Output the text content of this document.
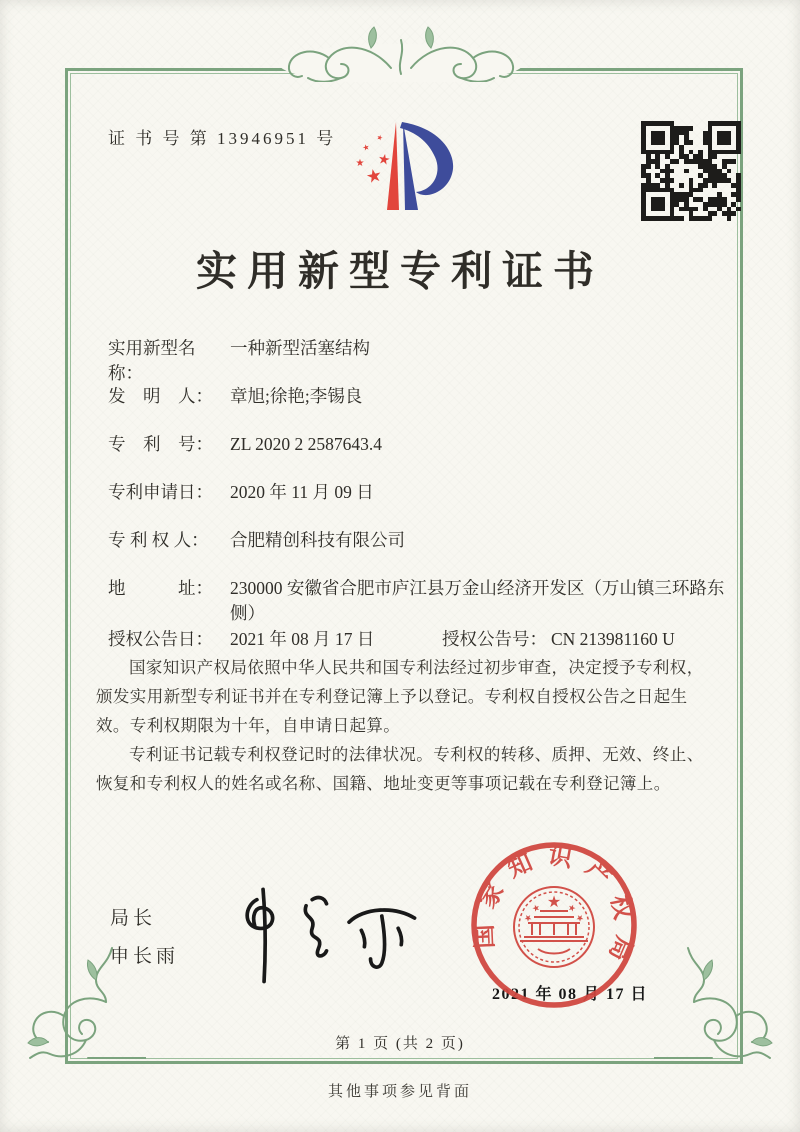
证 书 号 第 13946951 号
★
★
★
★
★
实用新型专利证书
实用新型名称：
一种新型活塞结构
发　明　人： 章旭;徐艳;李锡良
专　利　号： ZL 2020 2 2587643.4
专利申请日： 2020 年 11 月 09 日
专 利 权 人：	合肥精创科技有限公司
地　　　址： 230000 安徽省合肥市庐江县万金山经济开发区（万山镇三环路东侧）
授权公告日： 2021 年 08 月 17 日	授权公告号： CN 213981160 U

国家知识产权局依照中华人民共和国专利法经过初步审查，决定授予专利权，颁发实用新型专利证书并在专利登记簿上予以登记。专利权自授权公告之日起生效。专利权期限为十年，自申请日起算。

专利证书记载专利权登记时的法律状况。专利权的转移、质押、无效、终止、恢复和专利权人的姓名或名称、国籍、地址变更等事项记载在专利登记簿上。

局长
申长雨
国家知识产权局
★
★
★
★
★
2021 年 08 月 17 日
第 1 页 (共 2 页)
其他事项参见背面
